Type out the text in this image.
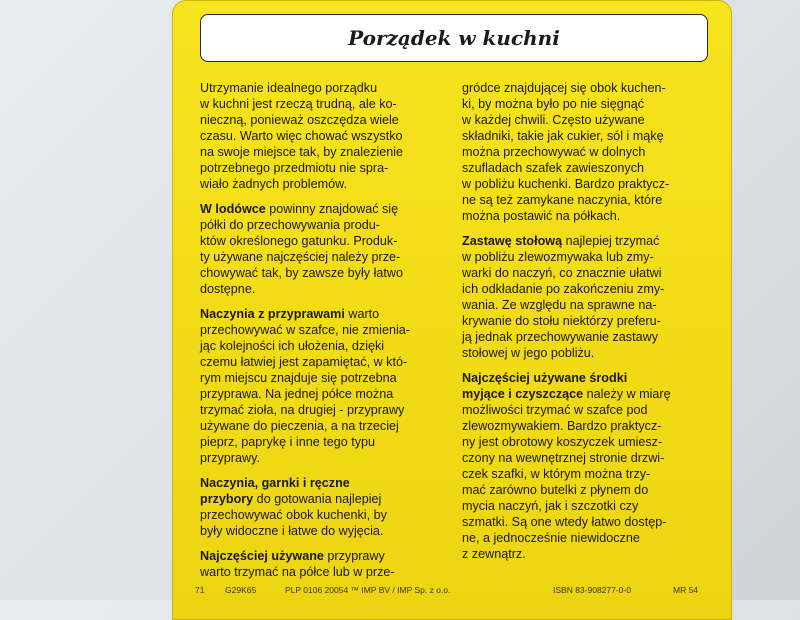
Porządek w kuchni
Utrzymanie idealnego porządku
w kuchni jest rzeczą trudną, ale ko-
nieczną, ponieważ oszczędza wiele
czasu. Warto więc chować wszystko
na swoje miejsce tak, by znalezienie
potrzebnego przedmiotu nie spra-
wiało żadnych problemów.
W lodówce powinny znajdować się
półki do przechowywania produ-
któw określonego gatunku. Produk-
ty używane najczęściej należy prze-
chowywać tak, by zawsze były łatwo
dostępne.
Naczynia z przyprawami warto
przechowywać w szafce, nie zmienia-
jąc kolejności ich ułożenia, dzięki
czemu łatwiej jest zapamiętać, w któ-
rym miejscu znajduje się potrzebna
przyprawa. Na jednej półce można
trzymać zioła, na drugiej - przyprawy
używane do pieczenia, a na trzeciej
pieprz, paprykę i inne tego typu
przyprawy.
Naczynia, garnki i ręczne
przybory do gotowania najlepiej
przechowywać obok kuchenki, by
były widoczne i łatwe do wyjęcia.
Najczęściej używane przyprawy
warto trzymać na półce lub w prze-
gródce znajdującej się obok kuchen-
ki, by można było po nie sięgnąć
w każdej chwili. Często używane
składniki, takie jak cukier, sól i mąkę
można przechowywać w dolnych
szufladach szafek zawieszonych
w pobliżu kuchenki. Bardzo praktycz-
ne są też zamykane naczynia, które
można postawić na półkach.
Zastawę stołową najlepiej trzymać
w pobliżu zlewozmywaka lub zmy-
warki do naczyń, co znacznie ułatwi
ich odkładanie po zakończeniu zmy-
wania. Ze względu na sprawne na-
krywanie do stołu niektórzy preferu-
ją jednak przechowywanie zastawy
stołowej w jego pobliżu.
Najczęściej używane środki
myjące i czyszczące należy w miarę
możliwości trzymać w szafce pod
zlewozmywakiem. Bardzo praktycz-
ny jest obrotowy koszyczek umiesz-
czony na wewnętrznej stronie drzwi-
czek szafki, w którym można trzy-
mać zarówno butelki z płynem do
mycia naczyń, jak i szczotki czy
szmatki. Są one wtedy łatwo dostęp-
ne, a jednocześnie niewidoczne
z zewnątrz.
71 G29K65	PLP 0106 20054 ™ IMP BV / IMP Sp. z o.o.	ISBN 83-908277-0-0	MR 54
